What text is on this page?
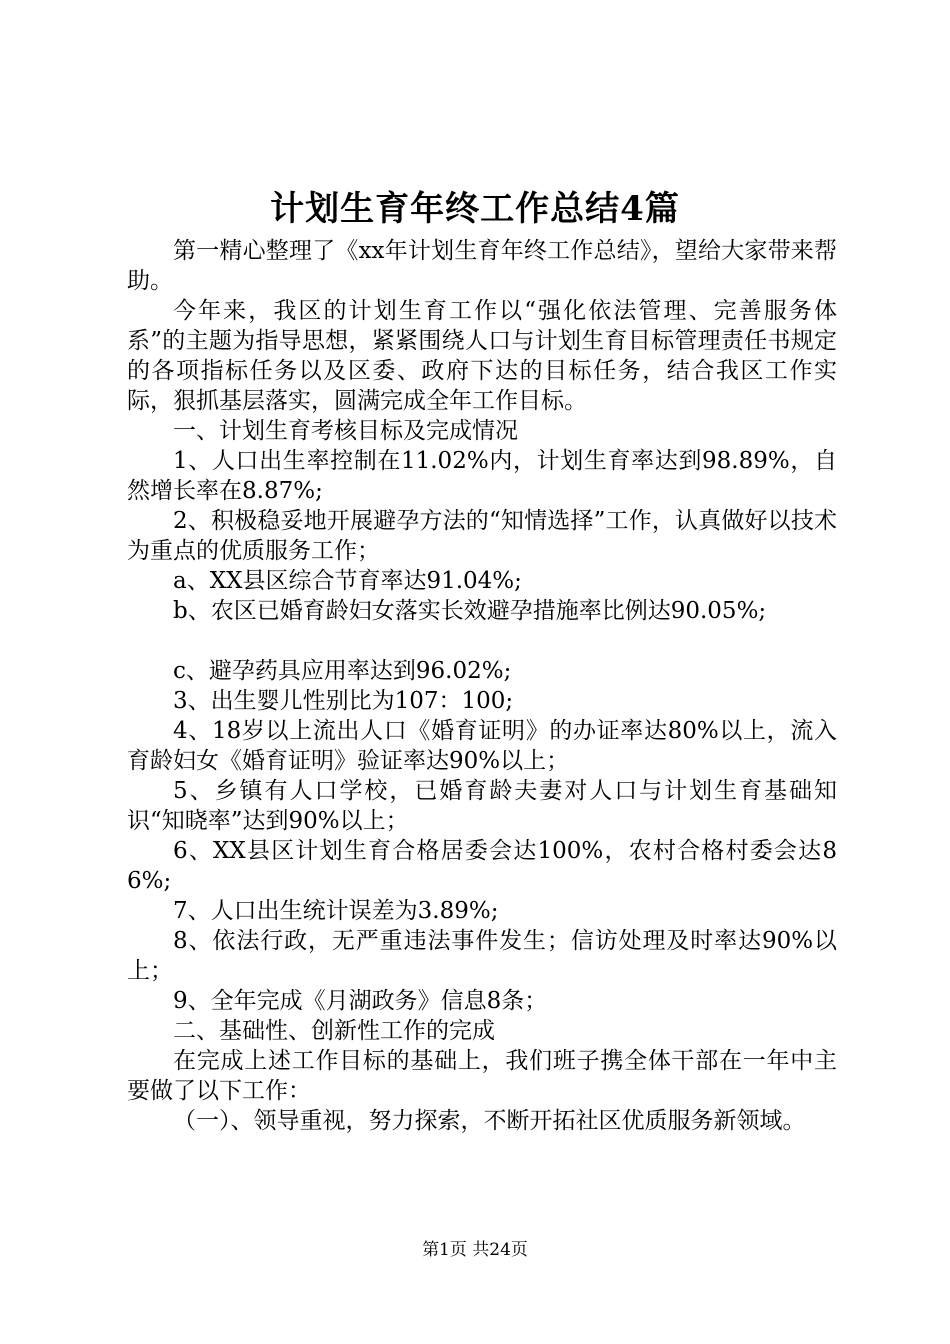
计划生育年终工作总结4篇

第一精心整理了《xx年计划生育年终工作总结》，望给大家带来帮助。

今年来，我区的计划生育工作以“强化依法管理、完善服务体系”的主题为指导思想，紧紧围绕人口与计划生育目标管理责任书规定的各项指标任务以及区委、政府下达的目标任务，结合我区工作实际，狠抓基层落实，圆满完成全年工作目标。

一、计划生育考核目标及完成情况

1、人口出生率控制在11.02%内，计划生育率达到98.89%，自然增长率在8.87%;

2、积极稳妥地开展避孕方法的“知情选择”工作，认真做好以技术为重点的优质服务工作；

a、XX县区综合节育率达91.04%;

b、农区已婚育龄妇女落实长效避孕措施率比例达90.05%;

c、避孕药具应用率达到96.02%;

3、出生婴儿性别比为107：100;

4、18岁以上流出人口《婚育证明》的办证率达80%以上，流入育龄妇女《婚育证明》验证率达90%以上；

5、乡镇有人口学校，已婚育龄夫妻对人口与计划生育基础知识“知晓率”达到90%以上；

6、XX县区计划生育合格居委会达100%，农村合格村委会达86%;

7、人口出生统计误差为3.89%;

8、依法行政，无严重违法事件发生；信访处理及时率达90%以上；

9、全年完成《月湖政务》信息8条；

二、基础性、创新性工作的完成

在完成上述工作目标的基础上，我们班子携全体干部在一年中主要做了以下工作：

（一）、领导重视，努力探索，不断开拓社区优质服务新领域。

第1页 共24页
